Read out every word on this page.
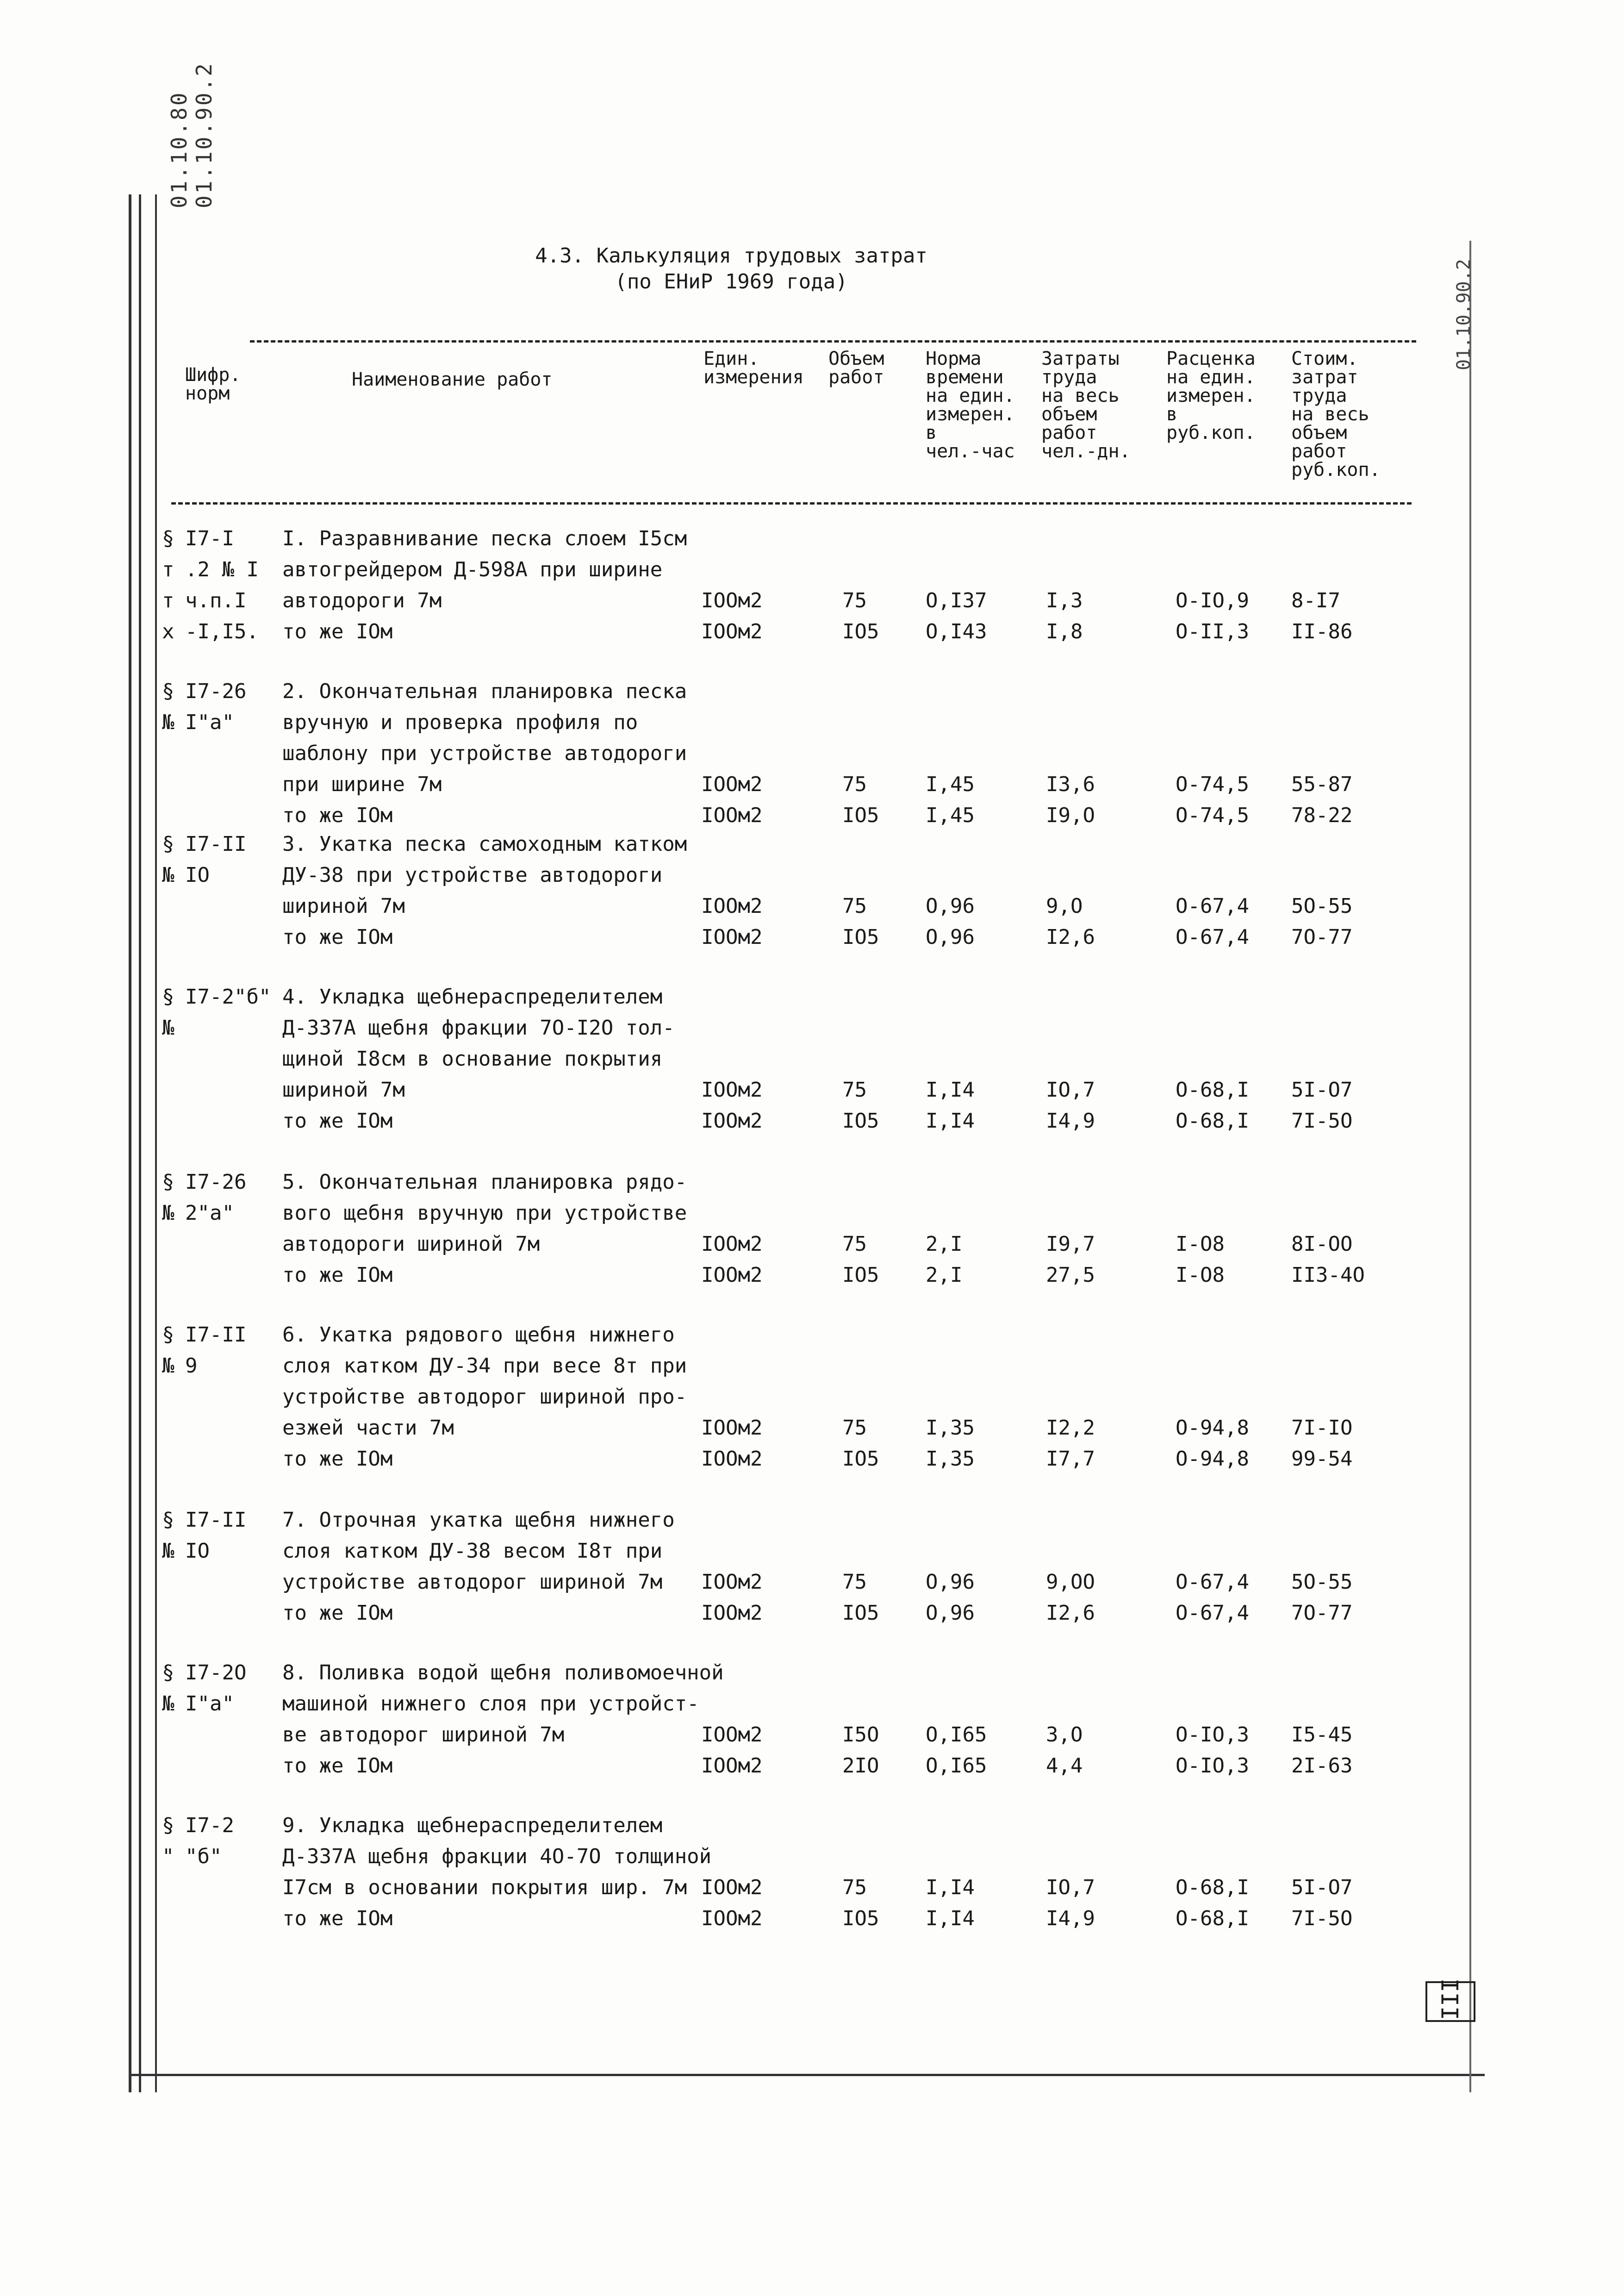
01.10.80 01.10.90.2
01.10.90.2
4.3. Калькуляция трудовых затрат
(по ЕНиР 1969 года)
Шифр.
норм
Наименование работ
Един.
измерения
Объем
работ
Норма
времени
на един.
измерен.
в
чел.-час
Затраты
труда
на весь
объем
работ
чел.-дн.
Расценка
на един.
измерен.
в
руб.коп.
Стоим.
затрат
труда
на весь
объем
работ
руб.коп.
§
т
т
х
I7-I
.2 № I
ч.п.I
-I,I5.
I. Разравнивание песка слоем I5см
автогрейдером Д-598А при ширине
автодороги 7м
то же IОм
IООм2
IООм2
75
IО5
О,I37
О,I43
I,3
I,8
О-IО,9
О-II,3
8-I7
II-86
§
№
I7-26
I"а"
2. Окончательная планировка песка
вручную и проверка профиля по
шаблону при устройстве автодороги
при ширине 7м
то же IОм
IООм2
IООм2
75
IО5
I,45
I,45
I3,6
I9,О
О-74,5
О-74,5
55-87
78-22
§
№
I7-II
IО
3. Укатка песка самоходным катком
ДУ-38 при устройстве автодороги
шириной 7м
то же IОм
IООм2
IООм2
75
IО5
О,96
О,96
9,О
I2,6
О-67,4
О-67,4
5О-55
7О-77
§
№
I7-2"б" 4. Укладка щебнераспределителем
Д-337А щебня фракции 7О-I2О тол-
щиной I8см в основание покрытия
шириной 7м
то же IОм
IООм2
IООм2
75
IО5
I,I4
I,I4
IО,7
I4,9
О-68,I
О-68,I
5I-О7
7I-5О
§
№
I7-26
2"а"
5. Окончательная планировка рядо-
вого щебня вручную при устройстве
автодороги шириной 7м
то же IОм
IООм2
IООм2
75
IО5
2,I
2,I
I9,7
27,5
I-О8
I-О8
8I-ОО
II3-4О
§
№
I7-II
9
6. Укатка рядового щебня нижнего
слоя катком ДУ-34 при весе 8т при
устройстве автодорог шириной про-
езжей части 7м
то же IОм
IООм2
IООм2
75
IО5
I,35
I,35
I2,2
I7,7
О-94,8
О-94,8
7I-IО
99-54
§
№
I7-II
IО
7. Отрочная укатка щебня нижнего
слоя катком ДУ-38 весом I8т при
устройстве автодорог шириной 7м
то же IОм
IООм2
IООм2
75
IО5
О,96
О,96
9,ОО
I2,6
О-67,4
О-67,4
5О-55
7О-77
§
№
I7-2О
I"а"
8. Поливка водой щебня поливомоечной
машиной нижнего слоя при устройст-
ве автодорог шириной 7м
то же IОм
IООм2
IООм2
I5О
2IО
О,I65
О,I65
3,О
4,4
О-IО,3
О-IО,3
I5-45
2I-63
§
"
I7-2
"б"
9. Укладка щебнераспределителем
Д-337А щебня фракции 4О-7О толщиной
I7см в основании покрытия шир. 7м
то же IОм
IООм2
IООм2
75
IО5
I,I4
I,I4
IО,7
I4,9
О-68,I
О-68,I
5I-О7
7I-5О
III
